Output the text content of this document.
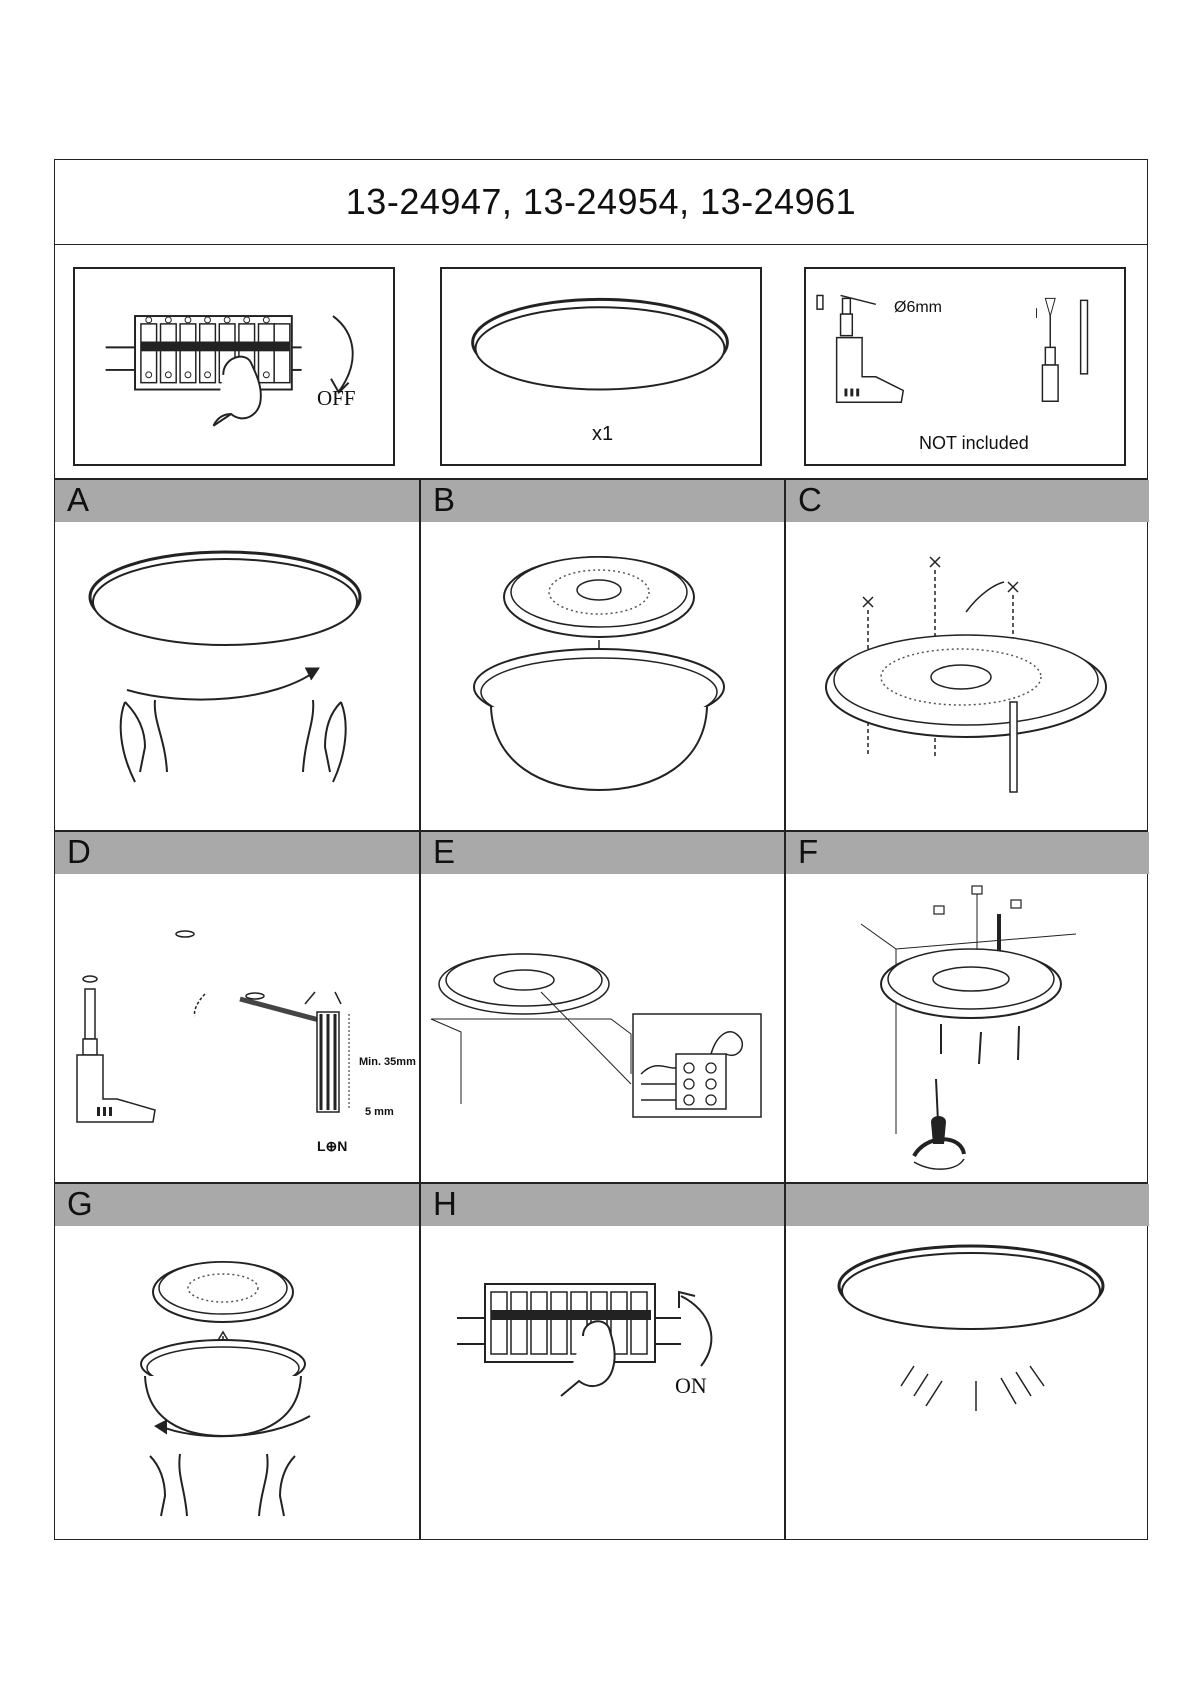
13-24947, 13-24954, 13-24961
OFF
x1
Ø6mm
NOT included
A	B	C
D	E	F
Min. 35mm
5 mm
L⊕N
G	H
ON
